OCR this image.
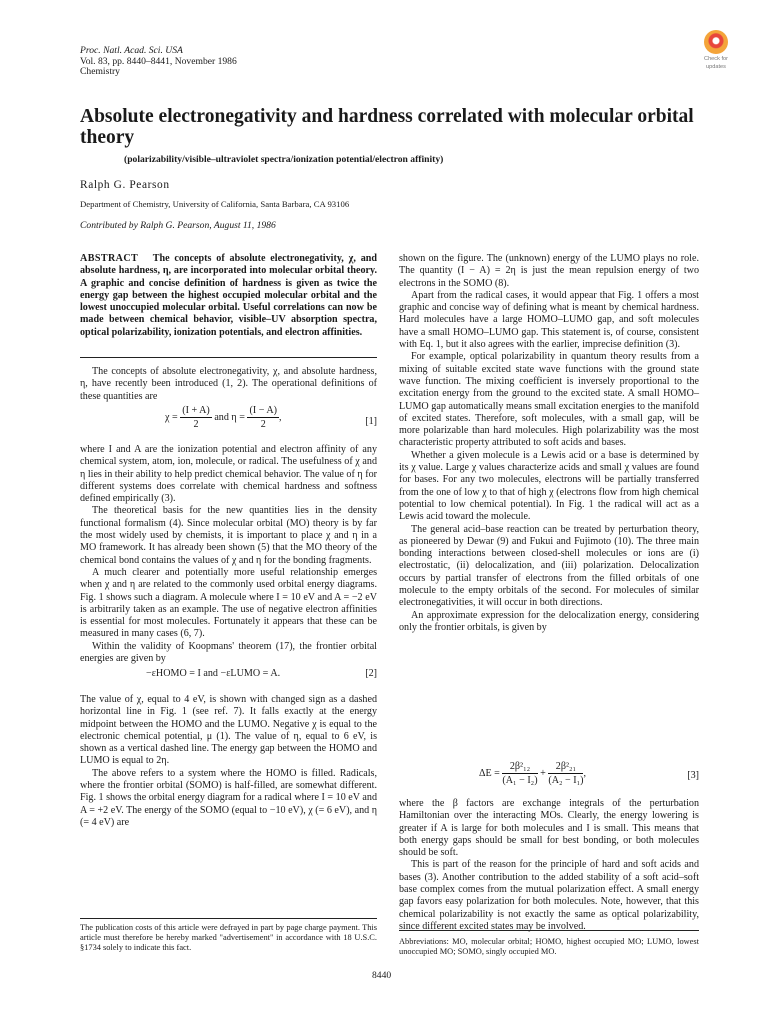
Proc. Natl. Acad. Sci. USA
Vol. 83, pp. 8440–8441, November 1986
Chemistry
Check for
updates
Absolute electronegativity and hardness correlated with molecular orbital theory
(polarizability/visible–ultraviolet spectra/ionization potential/electron affinity)
Ralph G. Pearson
Department of Chemistry, University of California, Santa Barbara, CA 93106
Contributed by Ralph G. Pearson, August 11, 1986

ABSTRACT The concepts of absolute electronegativity, χ, and absolute hardness, η, are incorporated into molecular orbital theory. A graphic and concise definition of hardness is given as twice the energy gap between the highest occupied molecular orbital and the lowest unoccupied molecular orbital. Useful correlations can now be made between chemical behavior, visible–UV absorption spectra, optical polarizability, ionization potentials, and electron affinities.

The concepts of absolute electronegativity, χ, and absolute hardness, η, have recently been introduced (1, 2). The operational definitions of these quantities are

$\chi = \frac{(I + A)}{2}$ and $\eta = \frac{(I - A)}{2}$ ,	[1]

where I and A are the ionization potential and electron affinity of any chemical system, atom, ion, molecule, or radical. The usefulness of χ and η lies in their ability to help predict chemical behavior. The value of η for different systems does correlate with chemical hardness and softness defined empirically (3).

The theoretical basis for the new quantities lies in the density functional formalism (4). Since molecular orbital (MO) theory is by far the most widely used by chemists, it is important to place χ and η in a MO framework. It has already been shown (5) that the MO theory of the chemical bond contains the values of χ and η for the bonding fragments.

A much clearer and potentially more useful relationship emerges when χ and η are related to the commonly used orbital energy diagrams. Fig. 1 shows such a diagram. A molecule where I = 10 eV and A = −2 eV is arbitrarily taken as an example. The use of negative electron affinities is essential for most molecules. Fortunately it appears that these can be measured in many cases (6, 7).

Within the validity of Koopmans' theorem (17), the frontier orbital energies are given by

−εHOMO = I and −εLUMO = A.	[2]

The value of χ, equal to 4 eV, is shown with changed sign as a dashed horizontal line in Fig. 1 (see ref. 7). It falls exactly at the energy midpoint between the HOMO and the LUMO. Negative χ is equal to the electronic chemical potential, μ (1). The value of η, equal to 6 eV, is shown as a vertical dashed line. The energy gap between the HOMO and LUMO is equal to 2η.

The above refers to a system where the HOMO is filled. Radicals, where the frontier orbital (SOMO) is half-filled, are somewhat different. Fig. 1 shows the orbital energy diagram for a radical where I = 10 eV and A = +2 eV. The energy of the SOMO (equal to −10 eV), χ (= 6 eV), and η (= 4 eV) are

The publication costs of this article were defrayed in part by page charge payment. This article must therefore be hereby marked "advertisement" in accordance with 18 U.S.C. §1734 solely to indicate this fact.

shown on the figure. The (unknown) energy of the LUMO plays no role. The quantity (I − A) = 2η is just the mean repulsion energy of two electrons in the SOMO (8).

Apart from the radical cases, it would appear that Fig. 1 offers a most graphic and concise way of defining what is meant by chemical hardness. Hard molecules have a large HOMO–LUMO gap, and soft molecules have a small HOMO–LUMO gap. This statement is, of course, consistent with Eq. 1, but it also agrees with the earlier, imprecise definition (3).

For example, optical polarizability in quantum theory results from a mixing of suitable excited state wave functions with the ground state wave function. The mixing coefficient is inversely proportional to the excitation energy from the ground to the excited state. A small HOMO–LUMO gap automatically means small excitation energies to the manifold of excited states. Therefore, soft molecules, with a small gap, will be more polarizable than hard molecules. High polarizability was the most characteristic property attributed to soft acids and bases.

Whether a given molecule is a Lewis acid or a base is determined by its χ value. Large χ values characterize acids and small χ values are found for bases. For any two molecules, electrons will be partially transferred from the one of low χ to that of high χ (electrons flow from high chemical potential to low chemical potential). In Fig. 1 the radical will act as a Lewis acid toward the molecule.

The general acid–base reaction can be treated by perturbation theory, as pioneered by Dewar (9) and Fukui and Fujimoto (10). The three main bonding interactions between closed-shell molecules or ions are (i) electrostatic, (ii) delocalization, and (iii) polarization. Delocalization occurs by partial transfer of electrons from the filled orbitals of one molecule to the empty orbitals of the second. For molecules of similar electronegativities, it will occur in both directions.

An approximate expression for the delocalization energy, considering only the frontier orbitals, is given by

$\Delta E = \frac{\text{2β²₁₂}}{\text{(A₁ − I₂)}} + \frac{\text{2β²₂₁}}{\text{(A₂ − I₁)}}$ ,	[3]

where the β factors are exchange integrals of the perturbation Hamiltonian over the interacting MOs. Clearly, the energy lowering is greater if A is large for both molecules and I is small. This means that both energy gaps should be small for best bonding, or both molecules should be soft.

This is part of the reason for the principle of hard and soft acids and bases (3). Another contribution to the added stability of a soft acid–soft base complex comes from the mutual polarization effect. A small energy gap favors easy polarization for both molecules. Note, however, that this chemical polarizability is not exactly the same as optical polarizability, since different excited states may be involved.

Abbreviations: MO, molecular orbital; HOMO, highest occupied MO; LUMO, lowest unoccupied MO; SOMO, singly occupied MO.
8440
